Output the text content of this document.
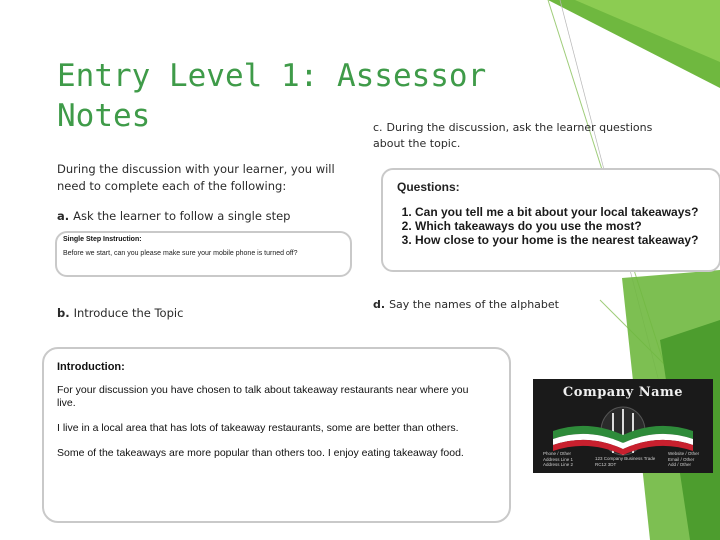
Entry Level 1: Assessor Notes
During the discussion with your learner, you will need to complete each of the following:
a. Ask the learner to follow a single step
Single Step Instruction:
Before we start, can you please make sure your mobile phone is turned off?
b. Introduce the Topic
c. During the discussion, ask the learner questions about the topic.
Questions:
1. Can you tell me a bit about your local takeaways?
2. Which takeaways do you use the most?
3. How close to your home is the nearest takeaway?
d. Say the names of the alphabet
Introduction:

For your discussion you have chosen to talk about takeaway restaurants near where you live.

I live in a local area that has lots of takeaway restaurants, some are better than others.

Some of the takeaways are more popular than others too. I enjoy eating takeaway food.

Company Name
Phone / Other
Address Line 1
Address Line 2
123 Company Business Trade
RC12 3DT
Website / Other
Email / Other
Add / Other
